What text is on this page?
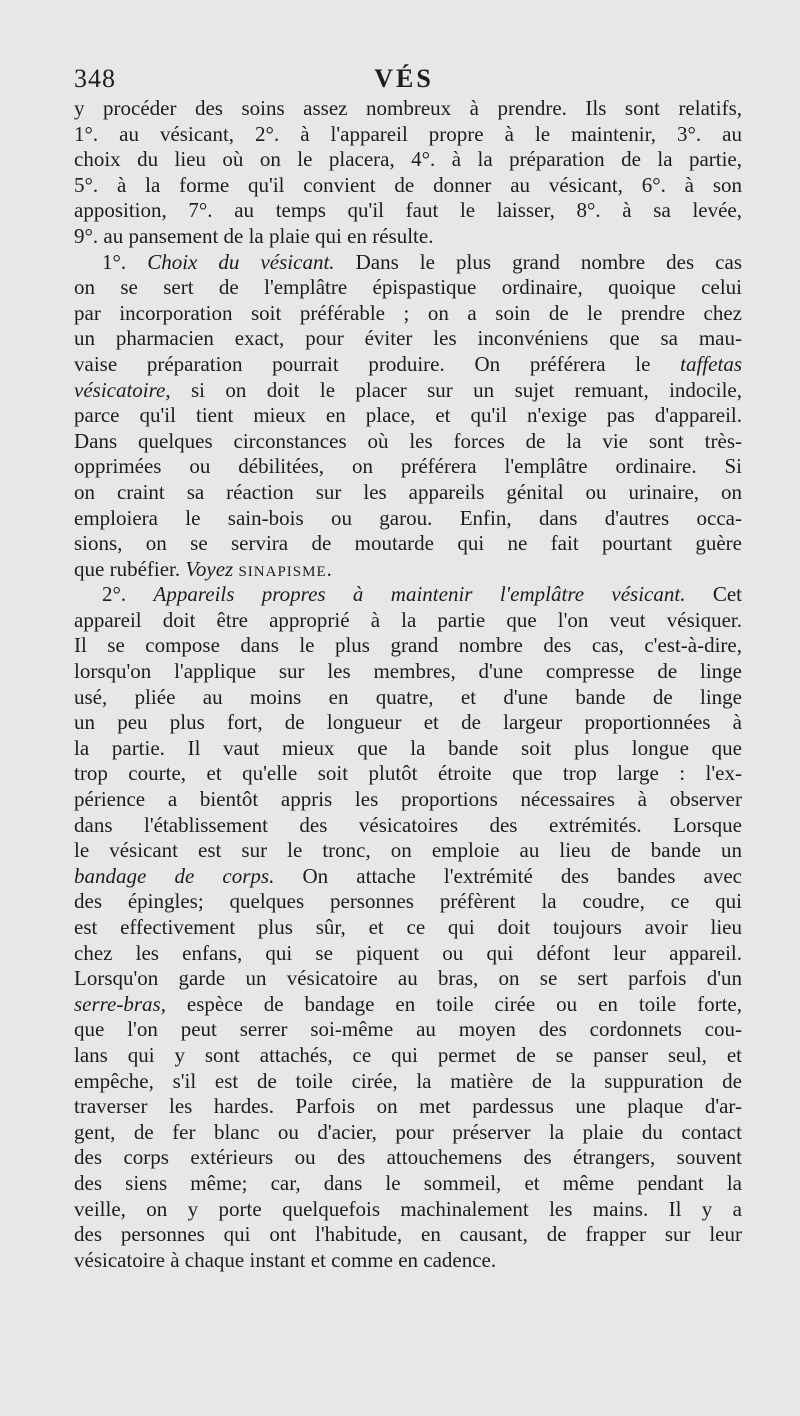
348	VÉS
y procéder des soins assez nombreux à prendre. Ils sont relatifs,
1°. au vésicant, 2°. à l'appareil propre à le maintenir, 3°. au
choix du lieu où on le placera, 4°. à la préparation de la partie,
5°. à la forme qu'il convient de donner au vésicant, 6°. à son
apposition, 7°. au temps qu'il faut le laisser, 8°. à sa levée,
9°. au pansement de la plaie qui en résulte.
1°. Choix du vésicant. Dans le plus grand nombre des cas
on se sert de l'emplâtre épispastique ordinaire, quoique celui
par incorporation soit préférable ; on a soin de le prendre chez
un pharmacien exact, pour éviter les inconvéniens que sa mau-
vaise préparation pourrait produire. On préférera le taffetas
vésicatoire, si on doit le placer sur un sujet remuant, indocile,
parce qu'il tient mieux en place, et qu'il n'exige pas d'appareil.
Dans quelques circonstances où les forces de la vie sont très-
opprimées ou débilitées, on préférera l'emplâtre ordinaire. Si
on craint sa réaction sur les appareils génital ou urinaire, on
emploiera le sain-bois ou garou. Enfin, dans d'autres occa-
sions, on se servira de moutarde qui ne fait pourtant guère
que rubéfier. Voyez SINAPISME.
2°. Appareils propres à maintenir l'emplâtre vésicant. Cet
appareil doit être approprié à la partie que l'on veut vésiquer.
Il se compose dans le plus grand nombre des cas, c'est-à-dire,
lorsqu'on l'applique sur les membres, d'une compresse de linge
usé, pliée au moins en quatre, et d'une bande de linge
un peu plus fort, de longueur et de largeur proportionnées à
la partie. Il vaut mieux que la bande soit plus longue que
trop courte, et qu'elle soit plutôt étroite que trop large : l'ex-
périence a bientôt appris les proportions nécessaires à observer
dans l'établissement des vésicatoires des extrémités. Lorsque
le vésicant est sur le tronc, on emploie au lieu de bande un
bandage de corps. On attache l'extrémité des bandes avec
des épingles; quelques personnes préfèrent la coudre, ce qui
est effectivement plus sûr, et ce qui doit toujours avoir lieu
chez les enfans, qui se piquent ou qui défont leur appareil.
Lorsqu'on garde un vésicatoire au bras, on se sert parfois d'un
serre-bras, espèce de bandage en toile cirée ou en toile forte,
que l'on peut serrer soi-même au moyen des cordonnets cou-
lans qui y sont attachés, ce qui permet de se panser seul, et
empêche, s'il est de toile cirée, la matière de la suppuration de
traverser les hardes. Parfois on met pardessus une plaque d'ar-
gent, de fer blanc ou d'acier, pour préserver la plaie du contact
des corps extérieurs ou des attouchemens des étrangers, souvent
des siens même; car, dans le sommeil, et même pendant la
veille, on y porte quelquefois machinalement les mains. Il y a
des personnes qui ont l'habitude, en causant, de frapper sur leur
vésicatoire à chaque instant et comme en cadence.
